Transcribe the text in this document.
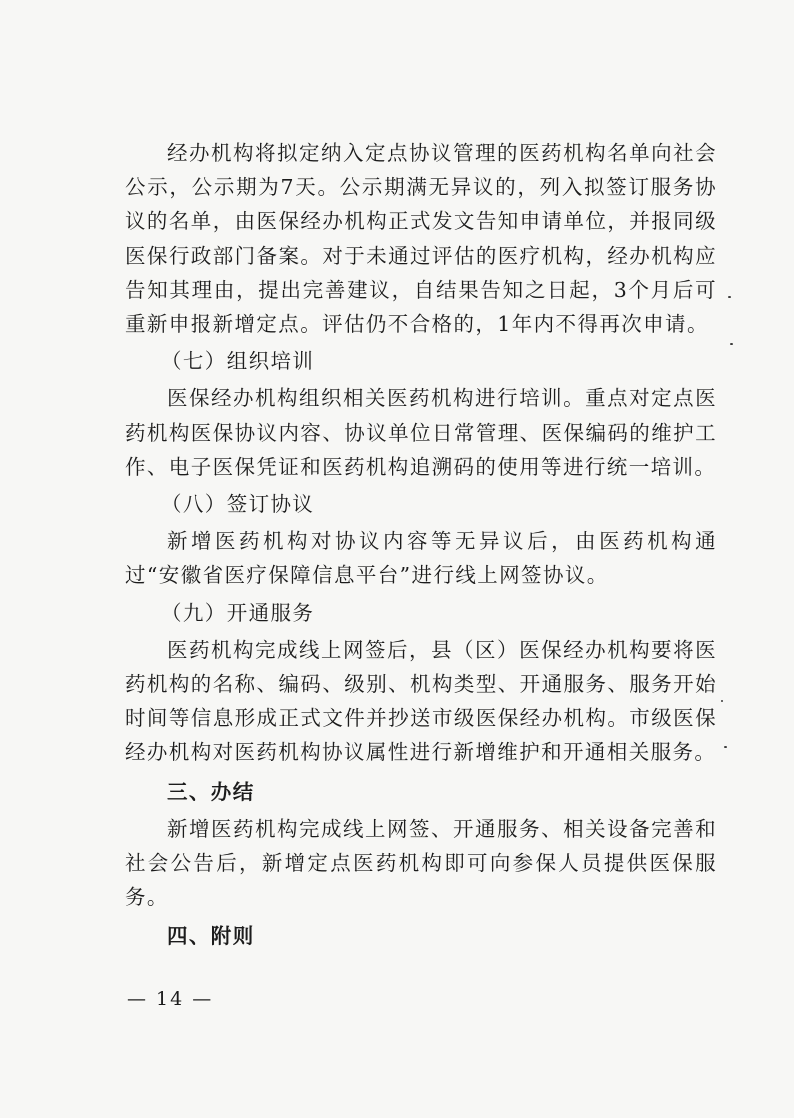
经办机构将拟定纳入定点协议管理的医药机构名单向社会公示，公示期为7天。公示期满无异议的，列入拟签订服务协议的名单，由医保经办机构正式发文告知申请单位，并报同级医保行政部门备案。对于未通过评估的医疗机构，经办机构应告知其理由，提出完善建议，自结果告知之日起，3个月后可重新申报新增定点。评估仍不合格的，1年内不得再次申请。

（七）组织培训

医保经办机构组织相关医药机构进行培训。重点对定点医药机构医保协议内容、协议单位日常管理、医保编码的维护工作、电子医保凭证和医药机构追溯码的使用等进行统一培训。

（八）签订协议

新增医药机构对协议内容等无异议后，由医药机构通过“安徽省医疗保障信息平台”进行线上网签协议。

（九）开通服务

医药机构完成线上网签后，县（区）医保经办机构要将医药机构的名称、编码、级别、机构类型、开通服务、服务开始时间等信息形成正式文件并抄送市级医保经办机构。市级医保经办机构对医药机构协议属性进行新增维护和开通相关服务。

三、办结

新增医药机构完成线上网签、开通服务、相关设备完善和社会公告后，新增定点医药机构即可向参保人员提供医保服务。

四、附则

— 14 —
